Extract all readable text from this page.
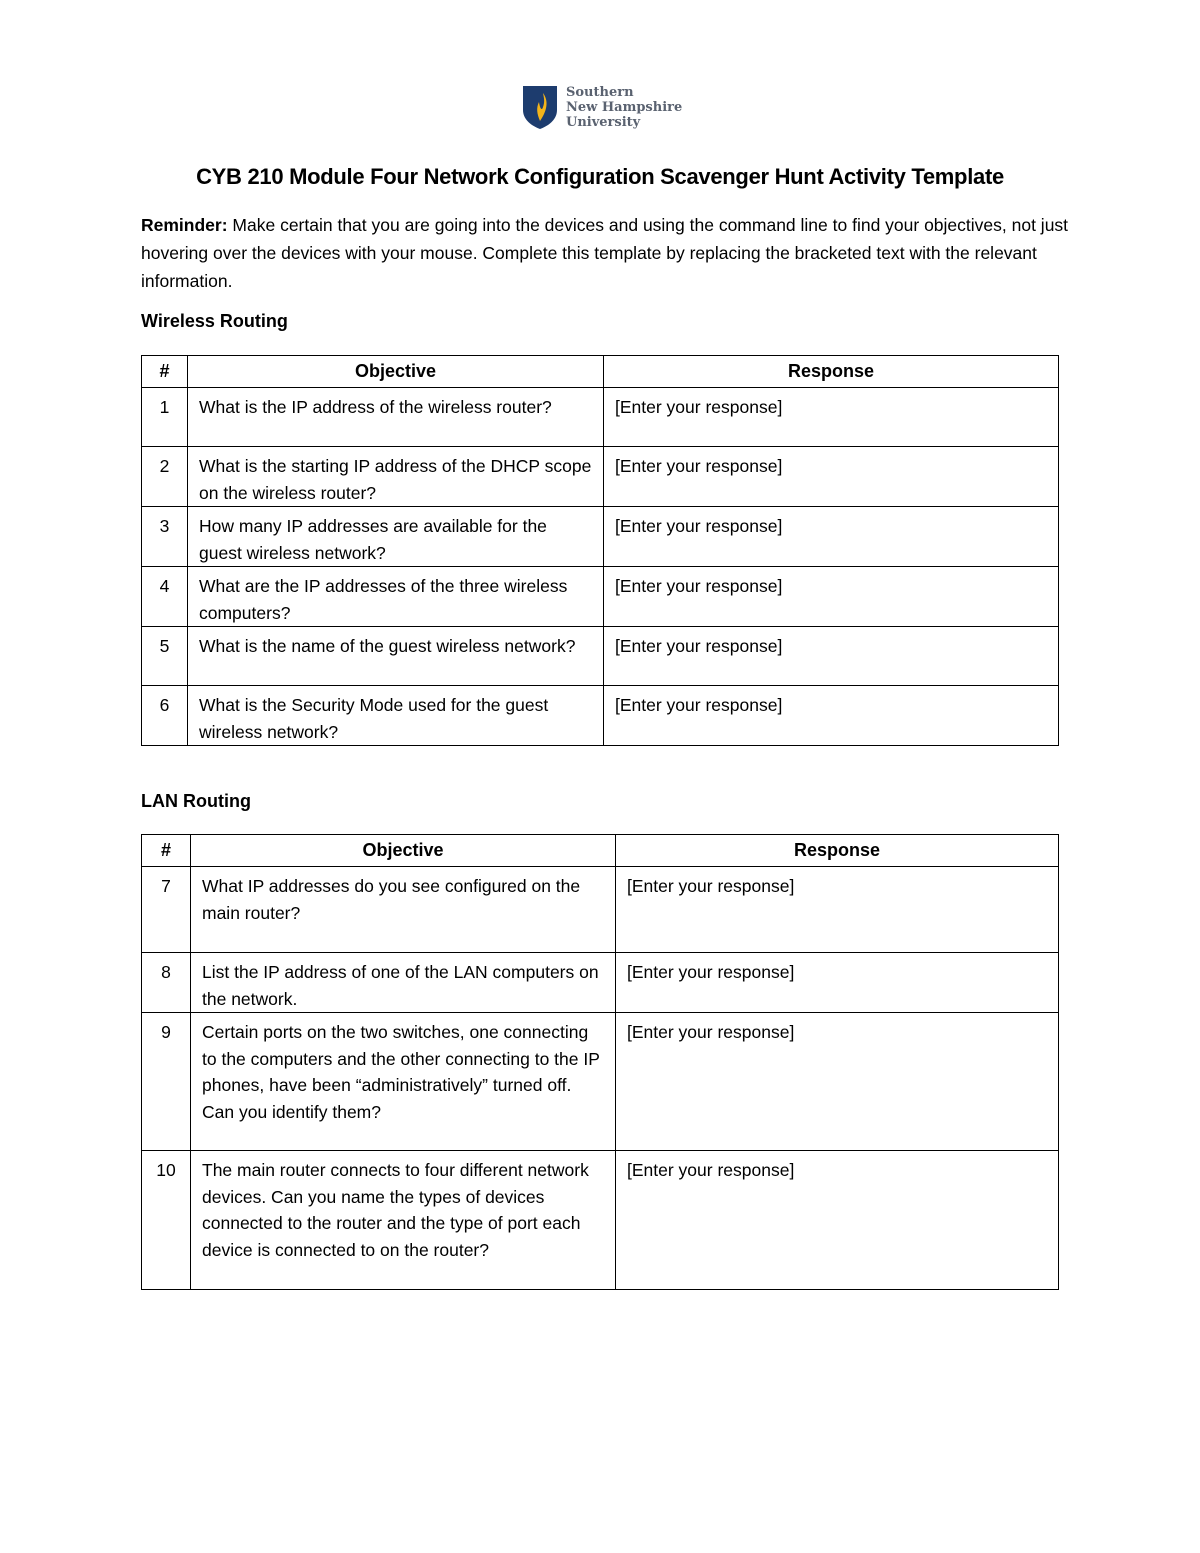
Southern
New Hampshire
University
CYB 210 Module Four Network Configuration Scavenger Hunt Activity Template
Reminder: Make certain that you are going into the devices and using the command line to find your objectives, not just hovering over the devices with your mouse. Complete this template by replacing the bracketed text with the relevant information.
Wireless Routing
#	Objective	Response
1	What is the IP address of the wireless router?	[Enter your response]
2	What is the starting IP address of the DHCP scope on the wireless router?	[Enter your response]
3	How many IP addresses are available for the guest wireless network?	[Enter your response]
4	What are the IP addresses of the three wireless computers?	[Enter your response]
5	What is the name of the guest wireless network?	[Enter your response]
6	What is the Security Mode used for the guest wireless network?	[Enter your response]
LAN Routing
#	Objective	Response
7	What IP addresses do you see configured on the main router?	[Enter your response]
8	List the IP address of one of the LAN computers on the network.	[Enter your response]
9	Certain ports on the two switches, one connecting to the computers and the other connecting to the IP phones, have been “administratively” turned off. Can you identify them?	[Enter your response]
10	The main router connects to four different network devices. Can you name the types of devices connected to the router and the type of port each device is connected to on the router?	[Enter your response]
